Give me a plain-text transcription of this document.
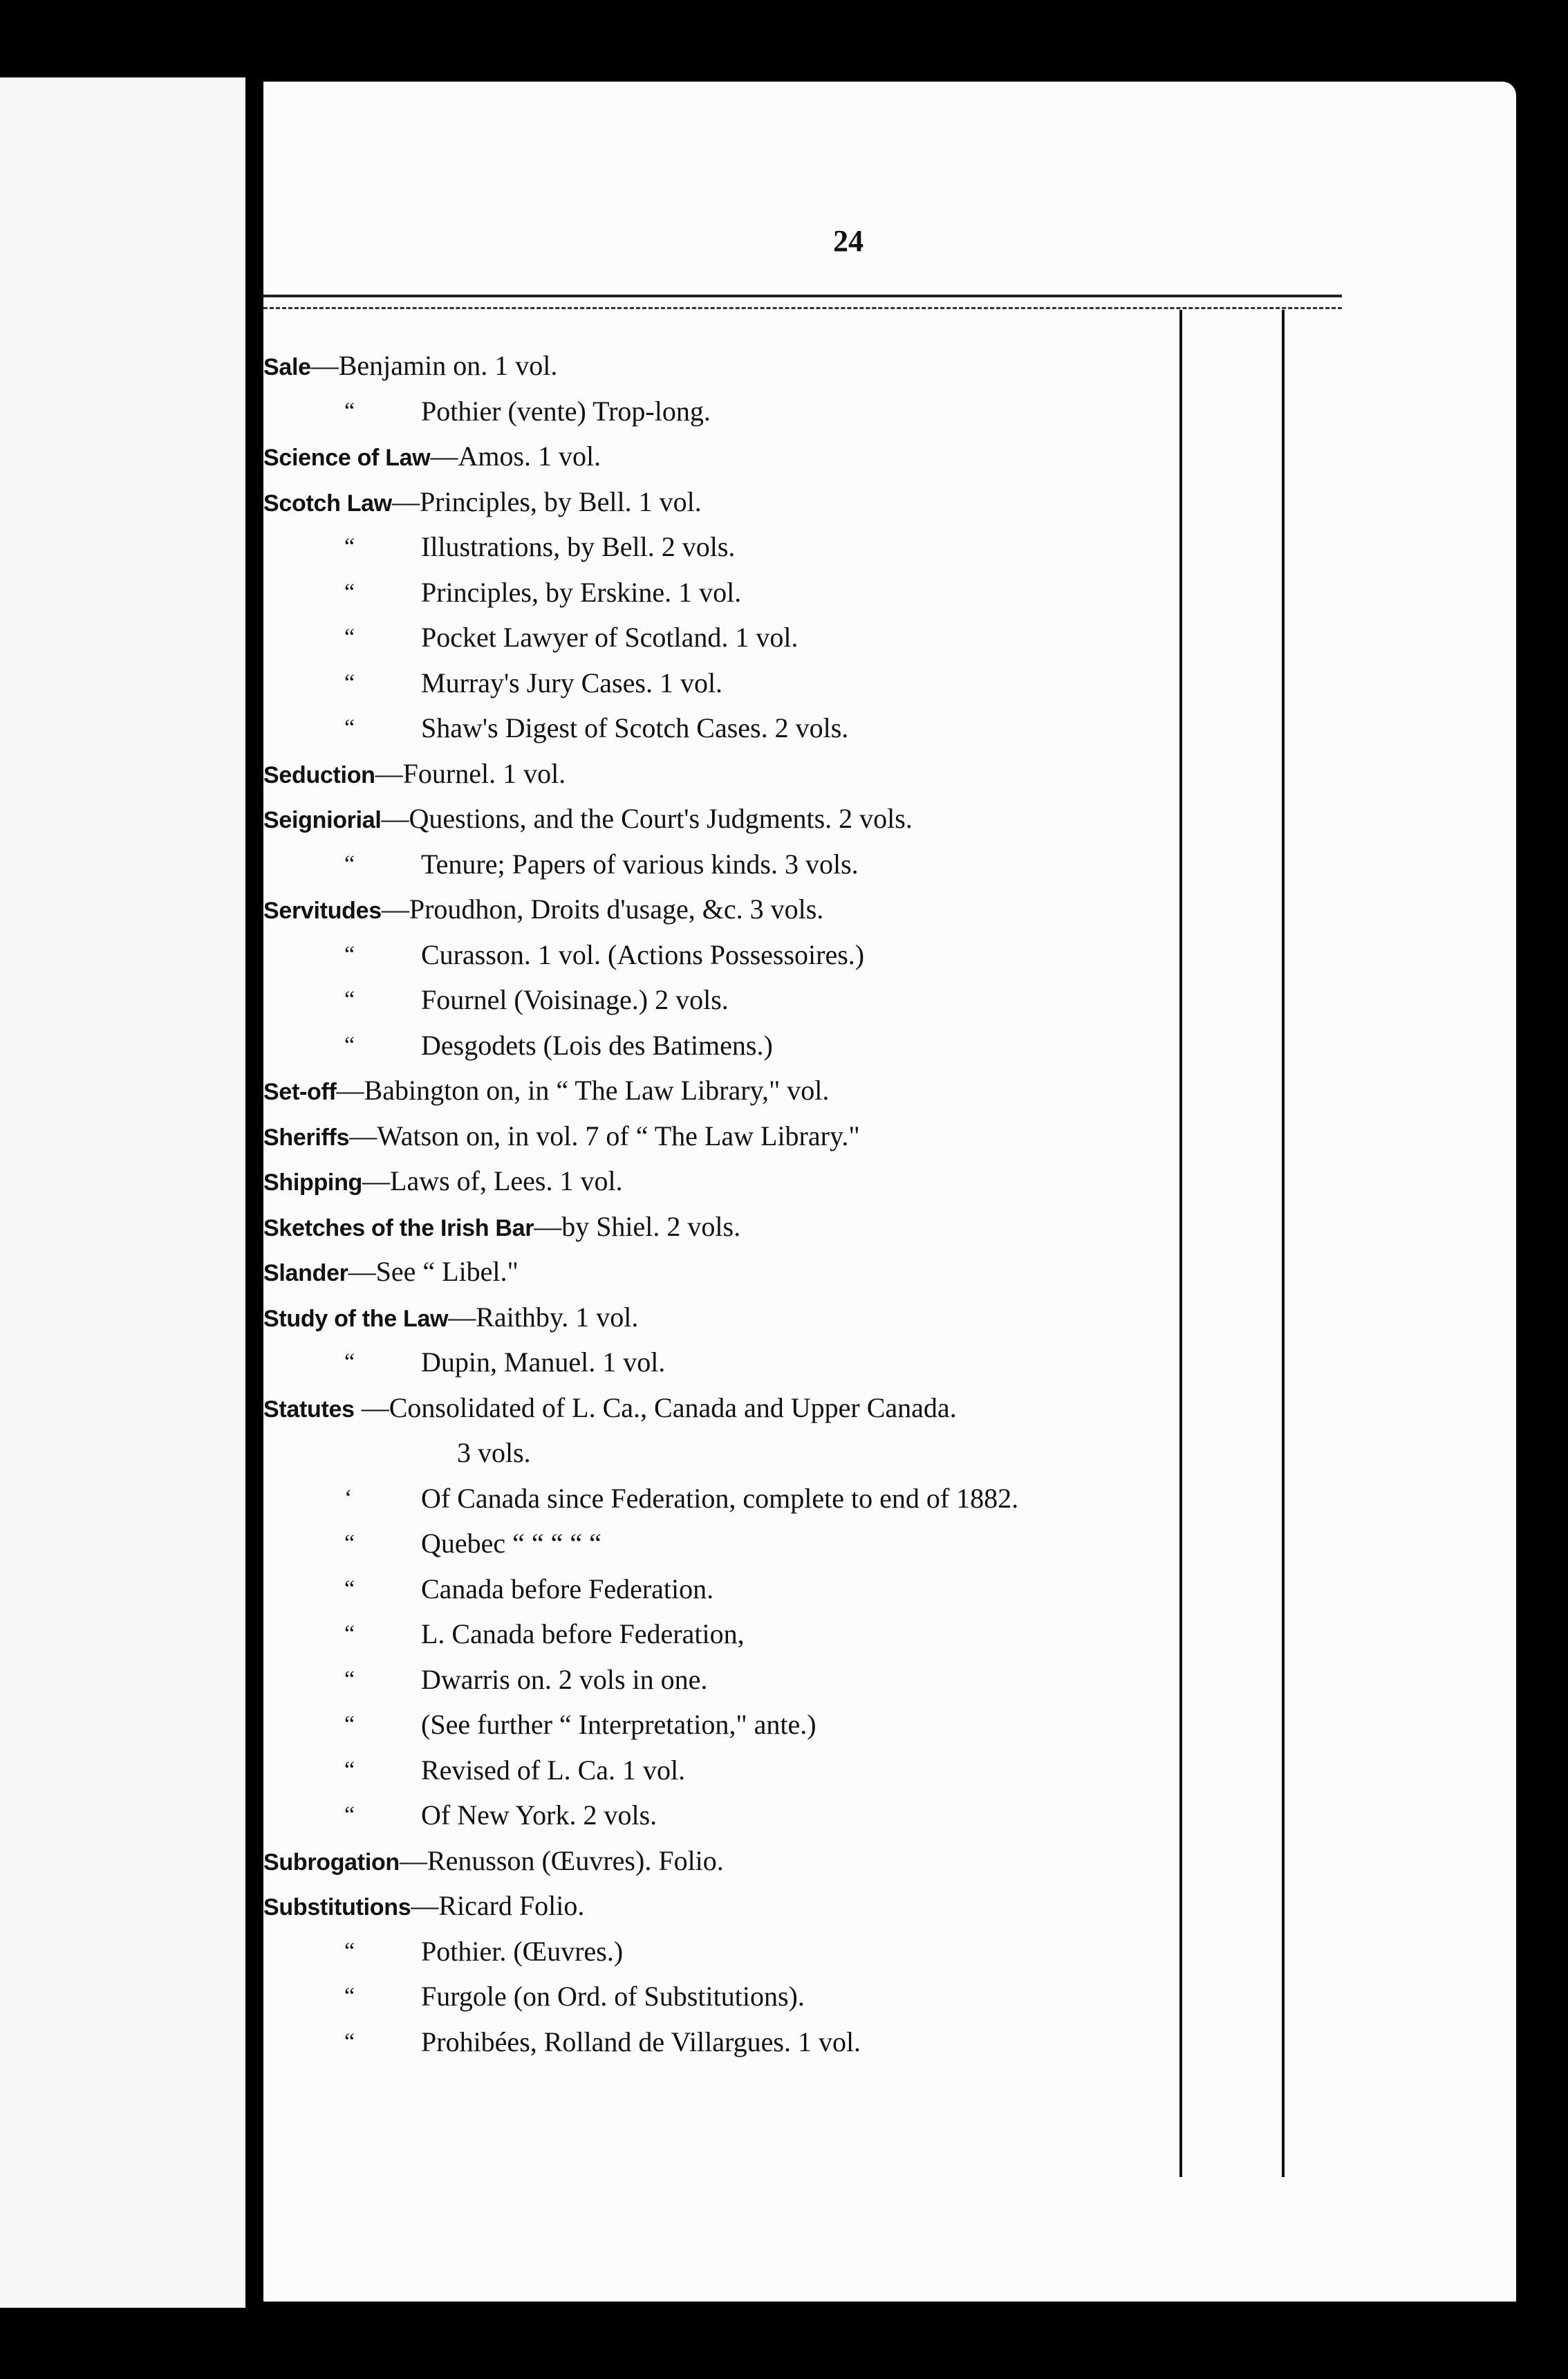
24
Sale—Benjamin on. 1 vol.
“ Pothier (vente) Trop-long.
Science of Law—Amos. 1 vol.
Scotch Law—Principles, by Bell. 1 vol.
“ Illustrations, by Bell. 2 vols.
“ Principles, by Erskine. 1 vol.
“ Pocket Lawyer of Scotland. 1 vol.
“ Murray's Jury Cases. 1 vol.
“ Shaw's Digest of Scotch Cases. 2 vols.
Seduction—Fournel. 1 vol.
Seigniorial—Questions, and the Court's Judgments. 2 vols.
“ Tenure; Papers of various kinds. 3 vols.
Servitudes—Proudhon, Droits d'usage, &c. 3 vols.
“ Curasson. 1 vol. (Actions Possessoires.)
“ Fournel (Voisinage.) 2 vols.
“ Desgodets (Lois des Batimens.)
Set-off—Babington on, in “ The Law Library," vol.
Sheriffs—Watson on, in vol. 7 of “ The Law Library."
Shipping—Laws of, Lees. 1 vol.
Sketches of the Irish Bar—by Shiel. 2 vols.
Slander—See “ Libel."
Study of the Law—Raithby. 1 vol.
“ Dupin, Manuel. 1 vol.
Statutes —Consolidated of L. Ca., Canada and Upper Canada.
3 vols.
‘ Of Canada since Federation, complete to end of 1882.
“ Quebec “ “ “ “ “
“ Canada before Federation.
“ L. Canada before Federation,
“ Dwarris on. 2 vols in one.
“ (See further “ Interpretation," ante.)
“ Revised of L. Ca. 1 vol.
“ Of New York. 2 vols.
Subrogation—Renusson (Œuvres). Folio.
Substitutions—Ricard Folio.
“ Pothier. (Œuvres.)
“ Furgole (on Ord. of Substitutions).
“ Prohibées, Rolland de Villargues. 1 vol.
